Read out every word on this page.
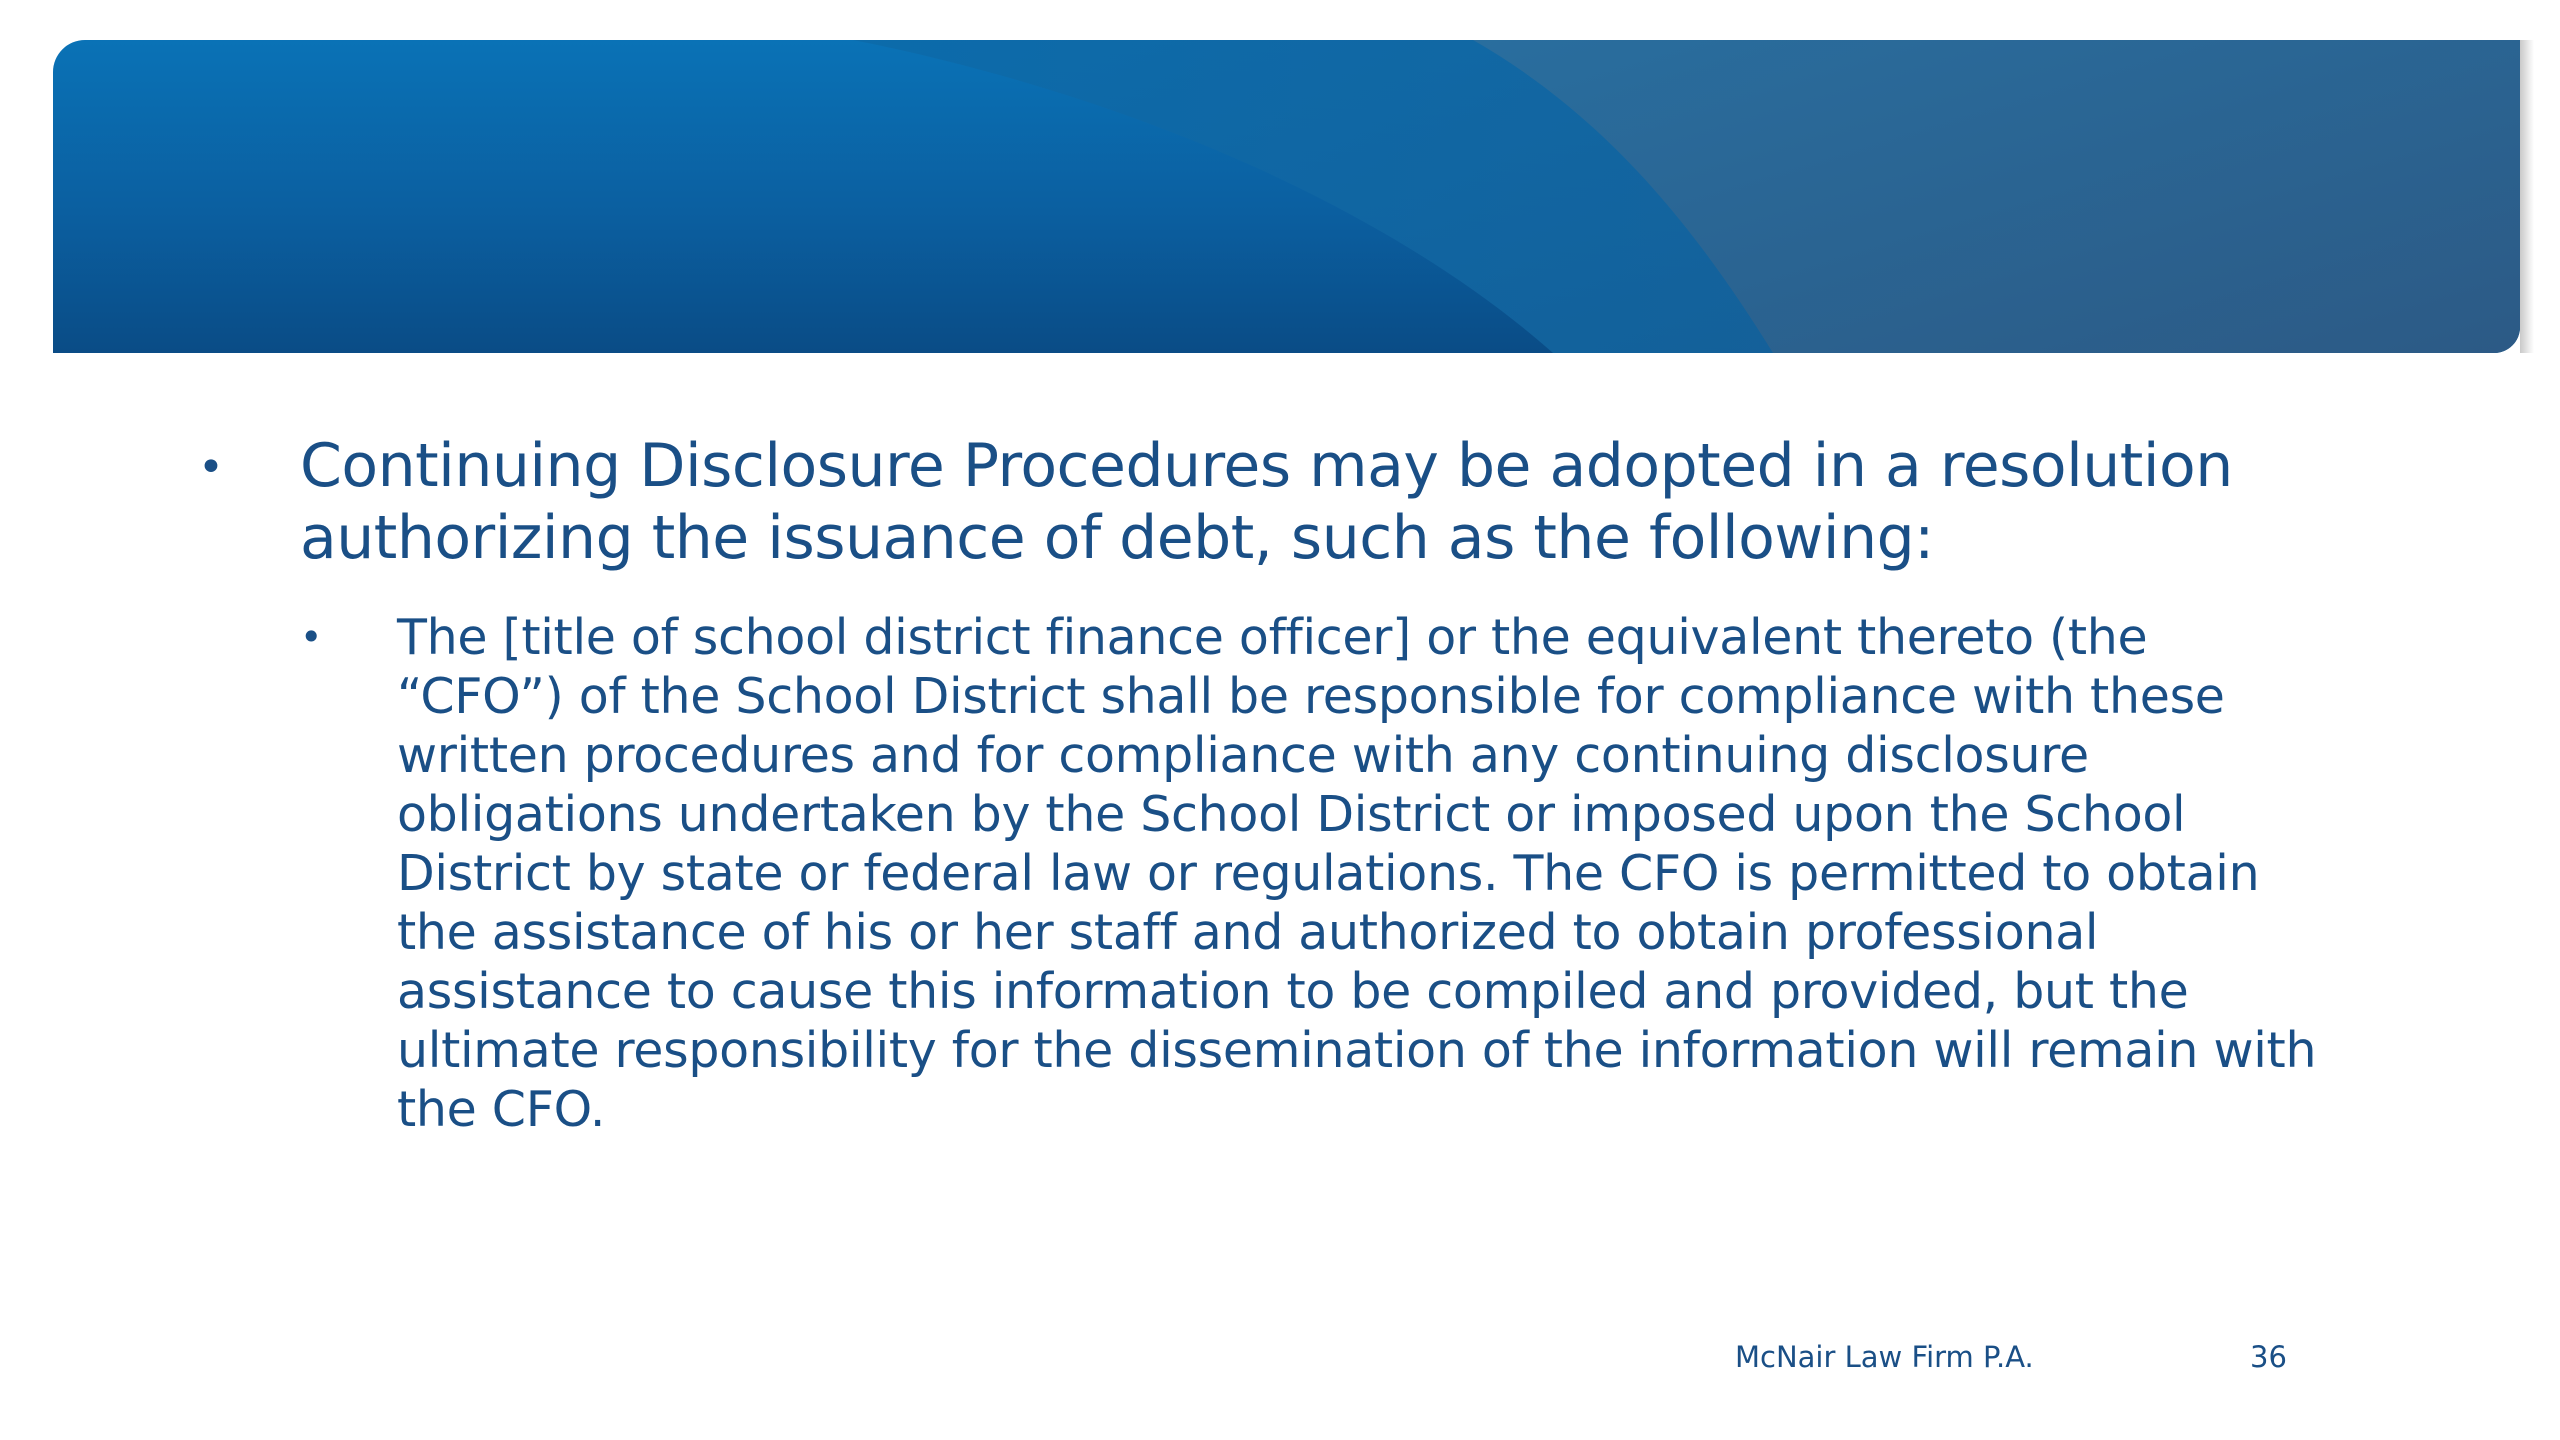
• Continuing Disclosure Procedures may be adopted in a resolution authorizing the issuance of debt, such as the following:
• The [title of school district finance officer] or the equivalent thereto (the “CFO”) of the School District shall be responsible for compliance with these written procedures and for compliance with any continuing disclosure obligations undertaken by the School District or imposed upon the School District by state or federal law or regulations. The CFO is permitted to obtain the assistance of his or her staff and authorized to obtain professional assistance to cause this information to be compiled and provided, but the ultimate responsibility for the dissemination of the information will remain with the CFO.
McNair Law Firm P.A.	36
